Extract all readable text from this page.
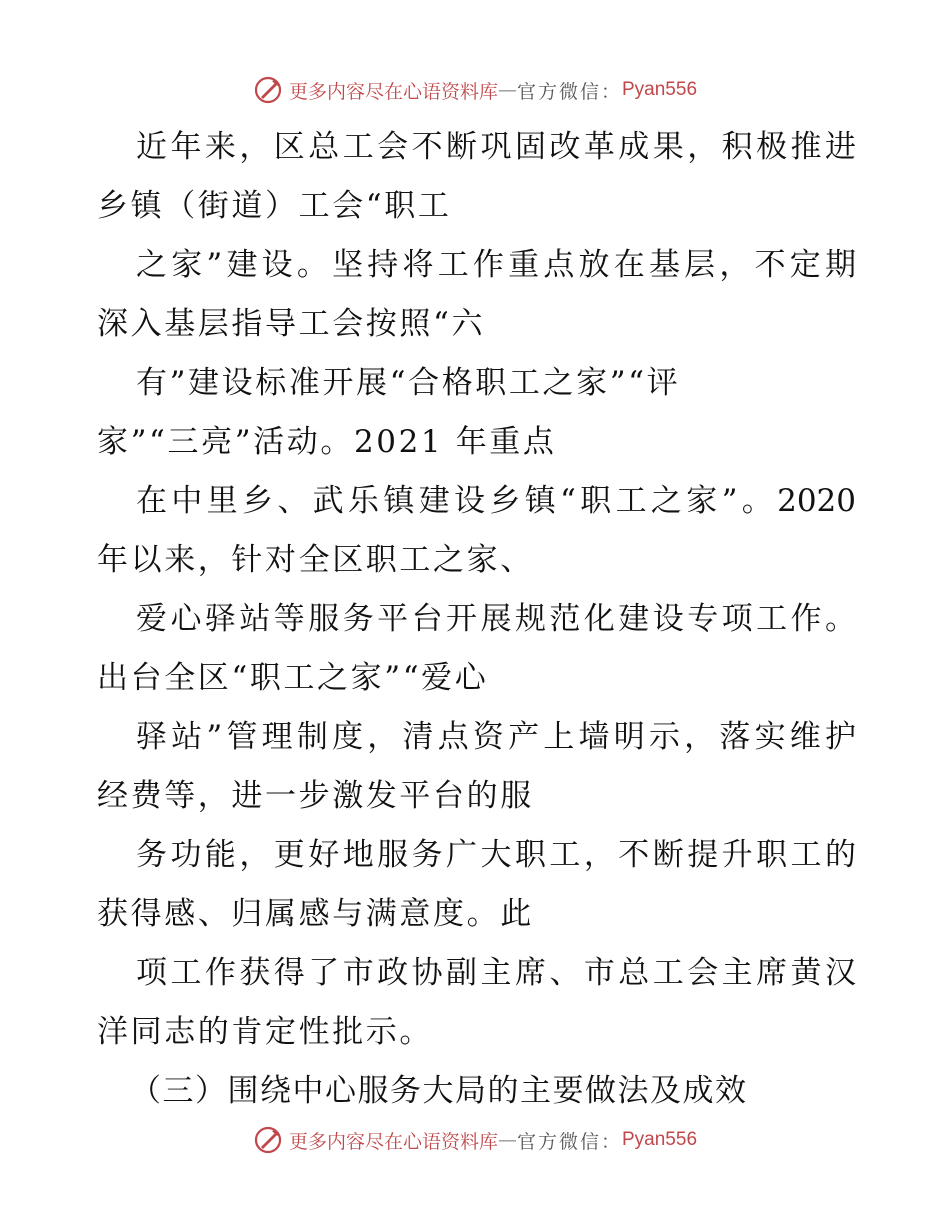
更多内容尽在心语资料库 — 官方微信： Pyan556
近年来，区总工会不断巩固改革成果，积极推进
乡镇（街道）工会“职工
之家”建设。坚持将工作重点放在基层，不定期
深入基层指导工会按照“六
有”建设标准开展“合格职工之家”“评
家”“三亮”活动。2021 年重点
在中里乡、武乐镇建设乡镇“职工之家”。2020
年以来，针对全区职工之家、
爱心驿站等服务平台开展规范化建设专项工作。
出台全区“职工之家”“爱心
驿站”管理制度，清点资产上墙明示，落实维护
经费等，进一步激发平台的服
务功能，更好地服务广大职工，不断提升职工的
获得感、归属感与满意度。此
项工作获得了市政协副主席、市总工会主席黄汉
洋同志的肯定性批示。
（三）围绕中心服务大局的主要做法及成效
更多内容尽在心语资料库 — 官方微信： Pyan556
